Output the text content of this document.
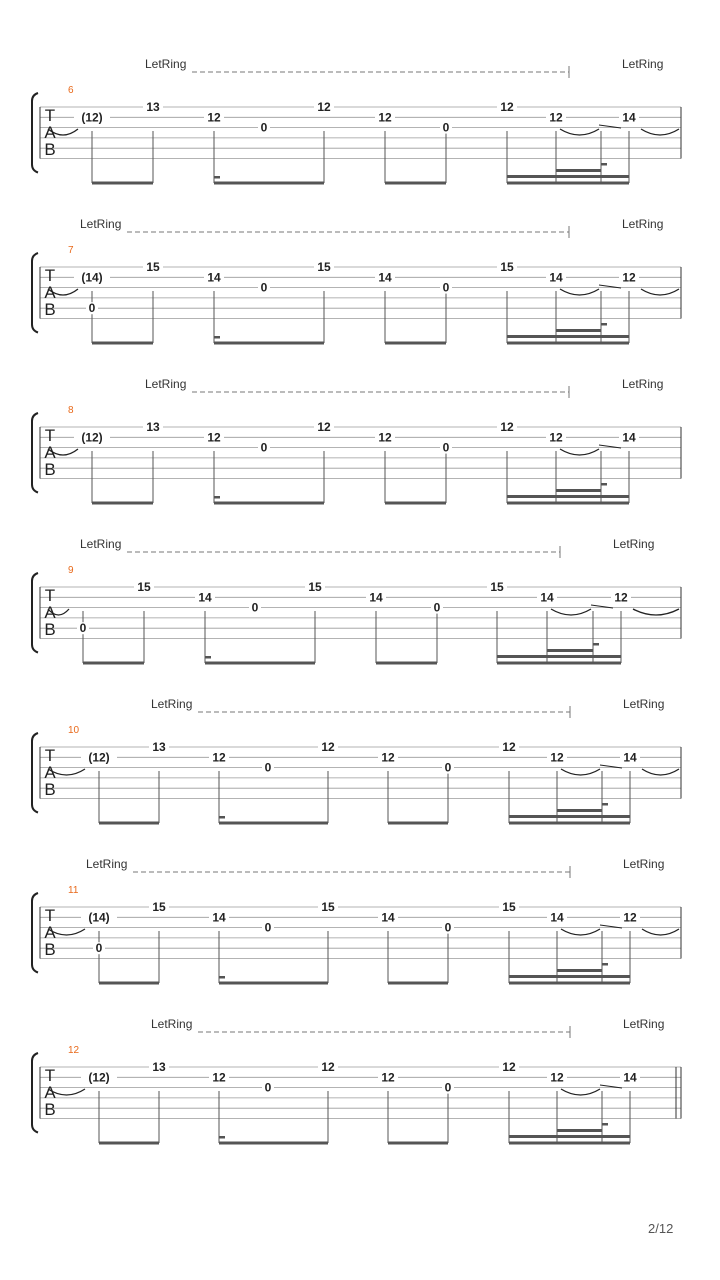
T
A
B
6
LetRing	LetRing
(12)
13
12
0
12
12
0
12
12	14
T
A
B
7
LetRing	LetRing
(14)
0
15
14
0
15
14
0
15
14	12
T
A
B
8
LetRing	LetRing
(12)
13
12
0
12
12
0
12
12	14
T
A
B
9
LetRing	LetRing
0
15
14
0
15
14
0
15
14	12
T
A
B
10
LetRing	LetRing
(12)
13
12
0
12
12
0
12
12	14
T
A
B
11
LetRing	LetRing
(14)
0
15
14
0
15
14
0
15
14	12
T
A
B
12
LetRing	LetRing
(12)
13
12
0
12
12
0
12
12	14
2/12
